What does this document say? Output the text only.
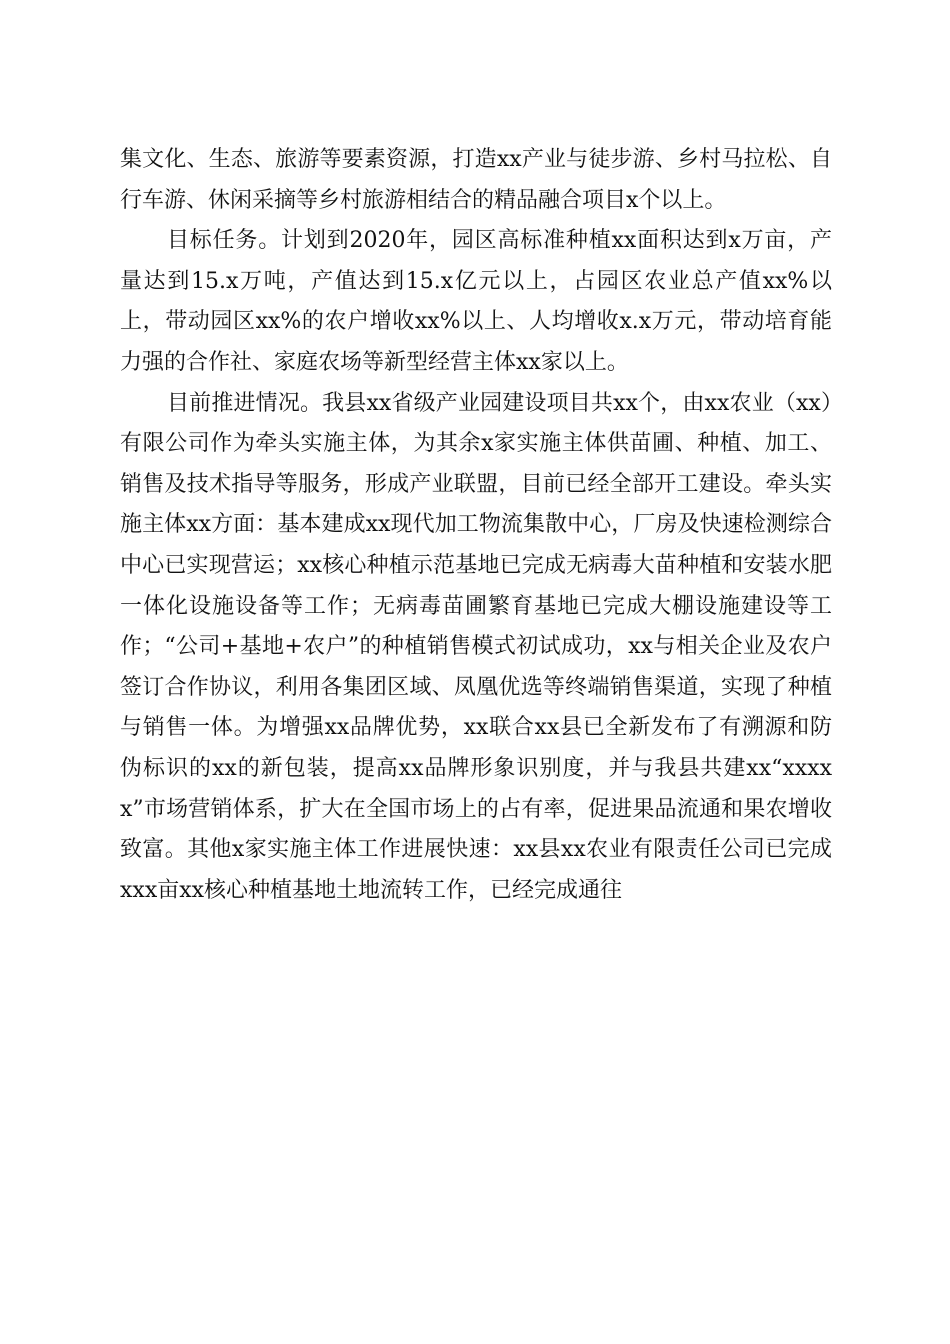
集文化、生态、旅游等要素资源，打造xx产业与徒步游、乡村马拉松、自行车游、休闲采摘等乡村旅游相结合的精品融合项目x个以上。

目标任务。计划到2020年，园区高标准种植xx面积达到x万亩，产量达到15.x万吨，产值达到15.x亿元以上，占园区农业总产值xx%以上，带动园区xx%的农户增收xx%以上、人均增收x.x万元，带动培育能力强的合作社、家庭农场等新型经营主体xx家以上。

目前推进情况。我县xx省级产业园建设项目共xx个，由xx农业（xx）有限公司作为牵头实施主体，为其余x家实施主体供苗圃、种植、加工、销售及技术指导等服务，形成产业联盟，目前已经全部开工建设。牵头实施主体xx方面：基本建成xx现代加工物流集散中心，厂房及快速检测综合中心已实现营运；xx核心种植示范基地已完成无病毒大苗种植和安装水肥一体化设施设备等工作；无病毒苗圃繁育基地已完成大棚设施建设等工作；“公司+基地+农户”的种植销售模式初试成功，xx与相关企业及农户签订合作协议，利用各集团区域、凤凰优选等终端销售渠道，实现了种植与销售一体。为增强xx品牌优势，xx联合xx县已全新发布了有溯源和防伪标识的xx的新包装，提高xx品牌形象识别度，并与我县共建xx“xxxxx”市场营销体系，扩大在全国市场上的占有率，促进果品流通和果农增收致富。其他x家实施主体工作进展快速：xx县xx农业有限责任公司已完成xxx亩xx核心种植基地土地流转工作，已经完成通往
